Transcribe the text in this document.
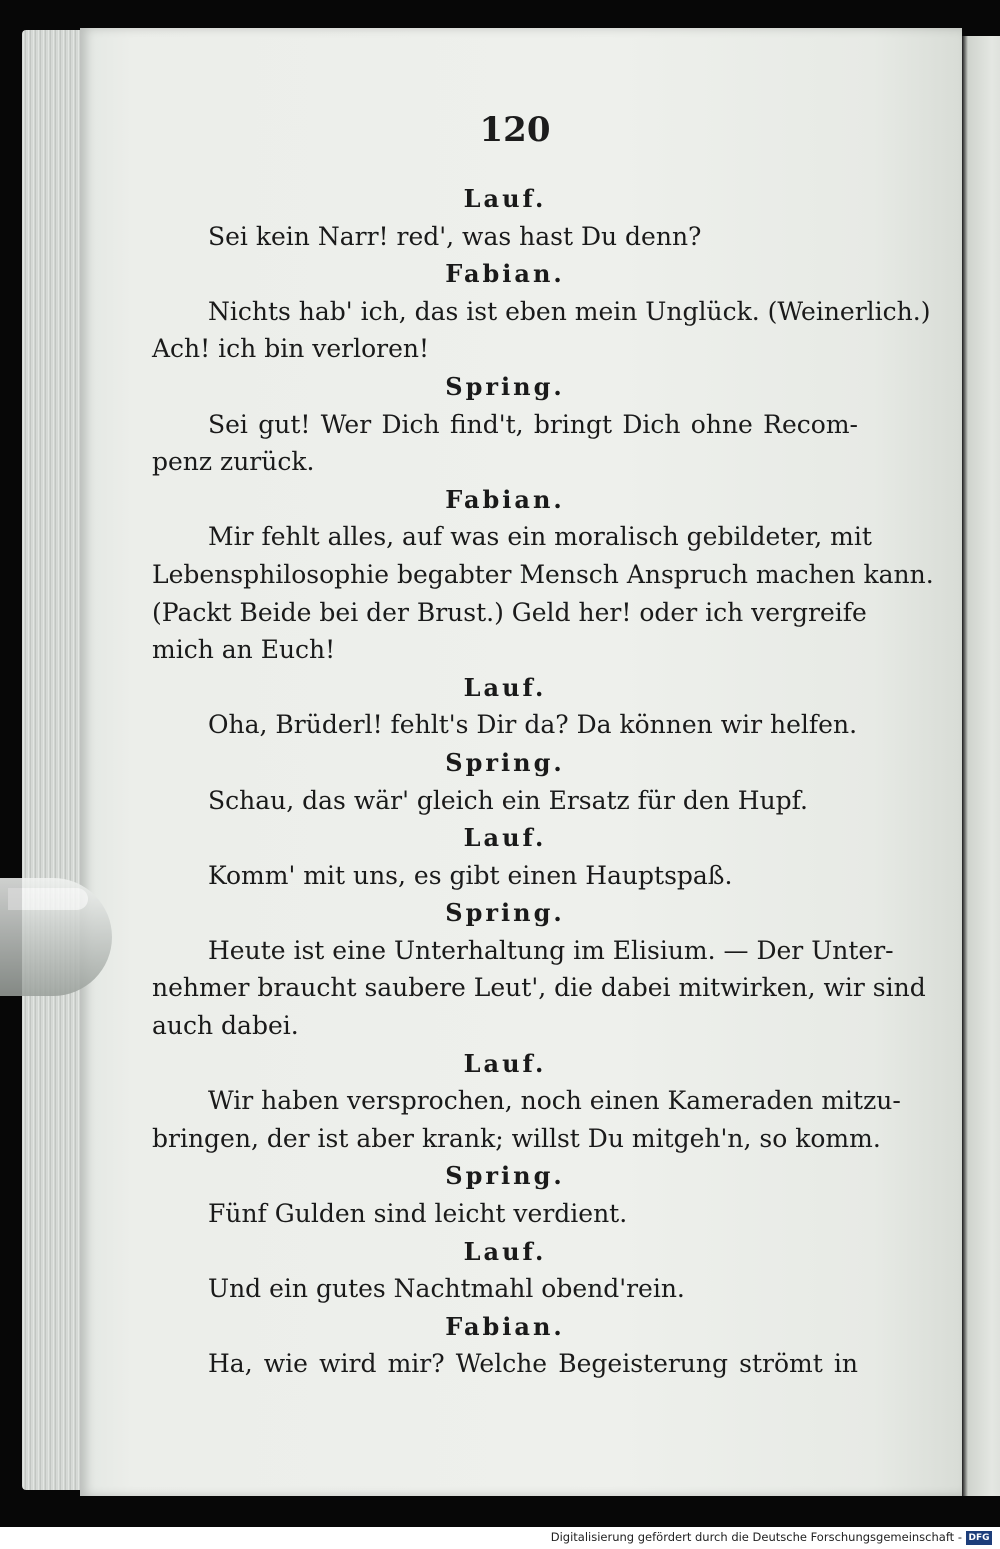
120
Lauf.
Sei kein Narr! red', was hast Du denn?
Fabian.
Nichts hab' ich, das ist eben mein Unglück. (Weinerlich.)
Ach! ich bin verloren!
Spring.
Sei gut! Wer Dich find't, bringt Dich ohne Recom-
penz zurück.
Fabian.
Mir fehlt alles, auf was ein moralisch gebildeter, mit
Lebensphilosophie begabter Mensch Anspruch machen kann.
(Packt Beide bei der Brust.) Geld her! oder ich vergreife
mich an Euch!
Lauf.
Oha, Brüderl! fehlt's Dir da? Da können wir helfen.
Spring.
Schau, das wär' gleich ein Ersatz für den Hupf.
Lauf.
Komm' mit uns, es gibt einen Hauptspaß.
Spring.
Heute ist eine Unterhaltung im Elisium. — Der Unter-
nehmer braucht saubere Leut', die dabei mitwirken, wir sind
auch dabei.
Lauf.
Wir haben versprochen, noch einen Kameraden mitzu-
bringen, der ist aber krank; willst Du mitgeh'n, so komm.
Spring.
Fünf Gulden sind leicht verdient.
Lauf.
Und ein gutes Nachtmahl obend'rein.
Fabian.
Ha, wie wird mir? Welche Begeisterung strömt in
Digitalisierung gefördert durch die Deutsche Forschungsgemeinschaft - DFG
